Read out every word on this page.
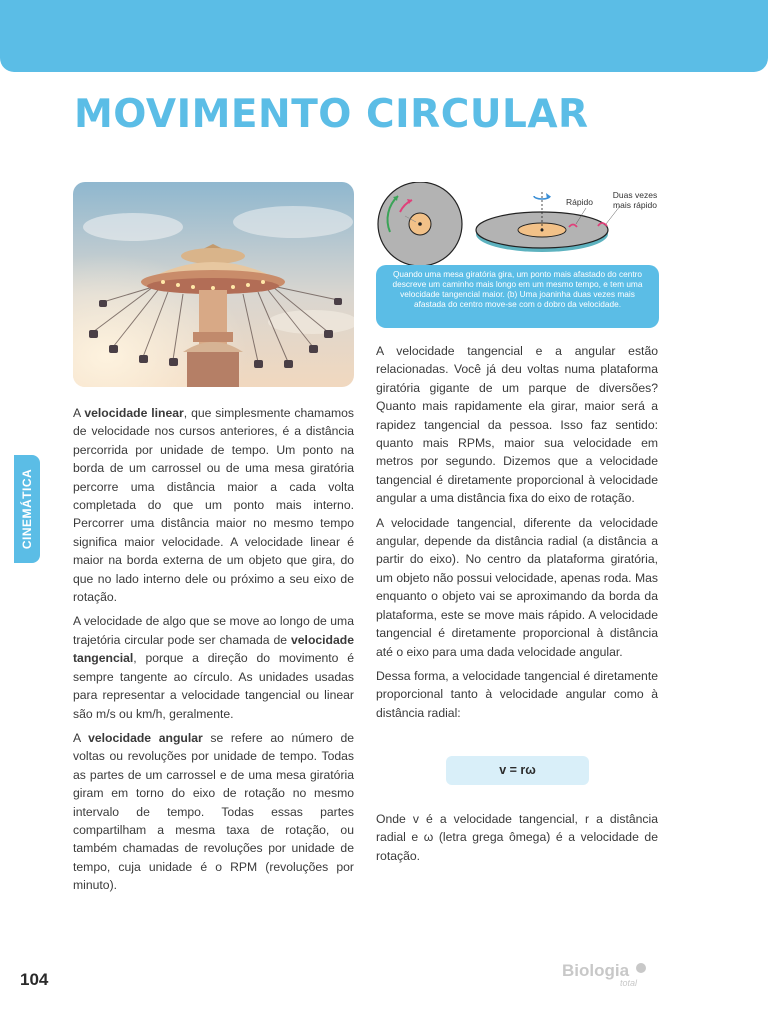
MOVIMENTO CIRCULAR
CINEMÁTICA
Rápido
Duas vezes mais rápido
Quando uma mesa giratória gira, um ponto mais afastado do centro descreve um caminho mais longo em um mesmo tempo, e tem uma velocidade tangencial maior. (b) Uma joaninha duas vezes mais afastada do centro move-se com o dobro da velocidade.

A velocidade linear, que simplesmente chamamos de velocidade nos cursos anteriores, é a distância percorrida por unidade de tempo. Um ponto na borda de um carrossel ou de uma mesa giratória percorre uma distância maior a cada volta completada do que um ponto mais interno. Percorrer uma distância maior no mesmo tempo significa maior velocidade. A velocidade linear é maior na borda externa de um objeto que gira, do que no lado interno dele ou próximo a seu eixo de rotação.

A velocidade de algo que se move ao longo de uma trajetória circular pode ser chamada de velocidade tangencial, porque a direção do movimento é sempre tangente ao círculo. As unidades usadas para representar a velocidade tangencial ou linear são m/s ou km/h, geralmente.

A velocidade angular se refere ao número de voltas ou revoluções por unidade de tempo. Todas as partes de um carrossel e de uma mesa giratória giram em torno do eixo de rotação no mesmo intervalo de tempo. Todas essas partes compartilham a mesma taxa de rotação, ou também chamadas de revoluções por unidade de tempo, cuja unidade é o RPM (revoluções por minuto).

A velocidade tangencial e a angular estão relacionadas. Você já deu voltas numa plataforma giratória gigante de um parque de diversões? Quanto mais rapidamente ela girar, maior será a rapidez tangencial da pessoa. Isso faz sentido: quanto mais RPMs, maior sua velocidade em metros por segundo. Dizemos que a velocidade tangencial é diretamente proporcional à velocidade angular a uma distância fixa do eixo de rotação.

A velocidade tangencial, diferente da velocidade angular, depende da distância radial (a distância a partir do eixo). No centro da plataforma giratória, um objeto não possui velocidade, apenas roda. Mas enquanto o objeto vai se aproximando da borda da plataforma, este se move mais rápido. A velocidade tangencial é diretamente proporcional à distância até o eixo para uma dada velocidade angular.

Dessa forma, a velocidade tangencial é diretamente proporcional tanto à velocidade angular como à distância radial:

v = rω

Onde v é a velocidade tangencial, r a distância radial e ω (letra grega ômega) é a velocidade de rotação.

104	Biologia
total
